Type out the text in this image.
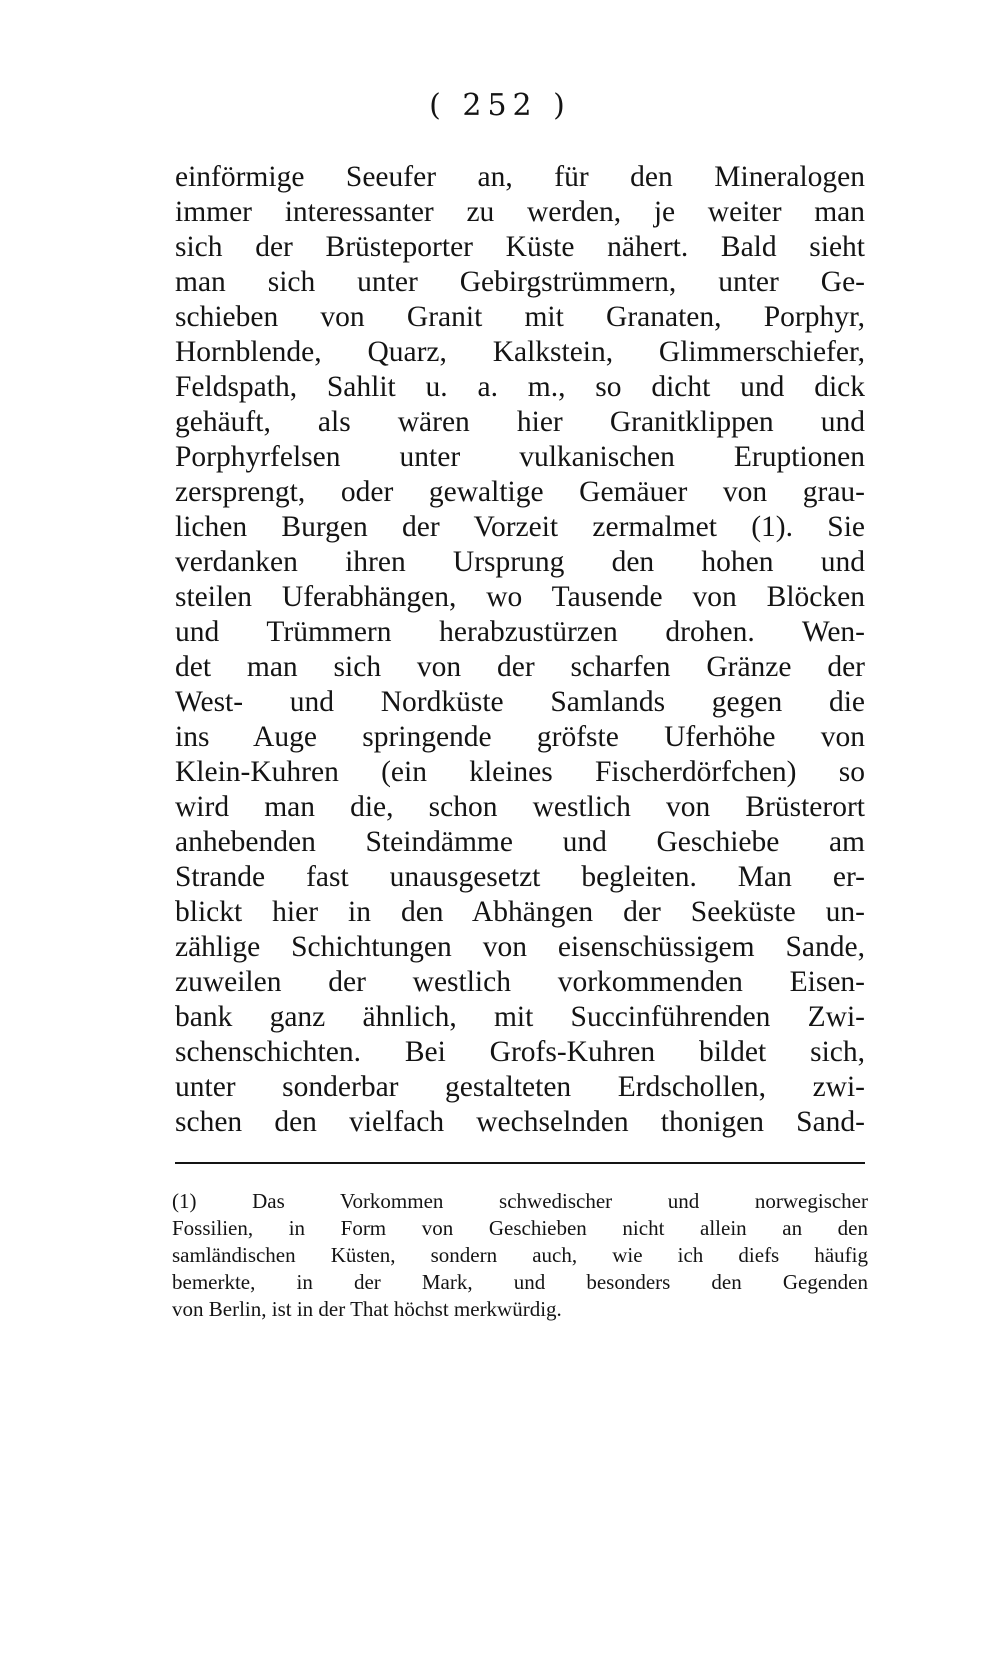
( 252 )
einförmige Seeufer an, für den Mineralogen
immer interessanter zu werden, je weiter man
sich der Brüsteporter Küste nähert. Bald sieht
man sich unter Gebirgstrümmern, unter Ge-
schieben von Granit mit Granaten, Porphyr,
Hornblende, Quarz, Kalkstein, Glimmerschiefer,
Feldspath, Sahlit u. a. m., so dicht und dick
gehäuft, als wären hier Granitklippen und
Porphyrfelsen unter vulkanischen Eruptionen
zersprengt, oder gewaltige Gemäuer von grau-
lichen Burgen der Vorzeit zermalmet (1). Sie
verdanken ihren Ursprung den hohen und
steilen Uferabhängen, wo Tausende von Blöcken
und Trümmern herabzustürzen drohen. Wen-
det man sich von der scharfen Gränze der
West- und Nordküste Samlands gegen die
ins Auge springende gröfste Uferhöhe von
Klein-Kuhren (ein kleines Fischerdörfchen) so
wird man die, schon westlich von Brüsterort
anhebenden Steindämme und Geschiebe am
Strande fast unausgesetzt begleiten. Man er-
blickt hier in den Abhängen der Seeküste un-
zählige Schichtungen von eisenschüssigem Sande,
zuweilen der westlich vorkommenden Eisen-
bank ganz ähnlich, mit Succinführenden Zwi-
schenschichten. Bei Grofs-Kuhren bildet sich,
unter sonderbar gestalteten Erdschollen, zwi-
schen den vielfach wechselnden thonigen Sand-
(1) Das Vorkommen schwedischer und norwegischer
Fossilien, in Form von Geschieben nicht allein an den
samländischen Küsten, sondern auch, wie ich diefs häufig
bemerkte, in der Mark, und besonders den Gegenden
von Berlin, ist in der That höchst merkwürdig.
